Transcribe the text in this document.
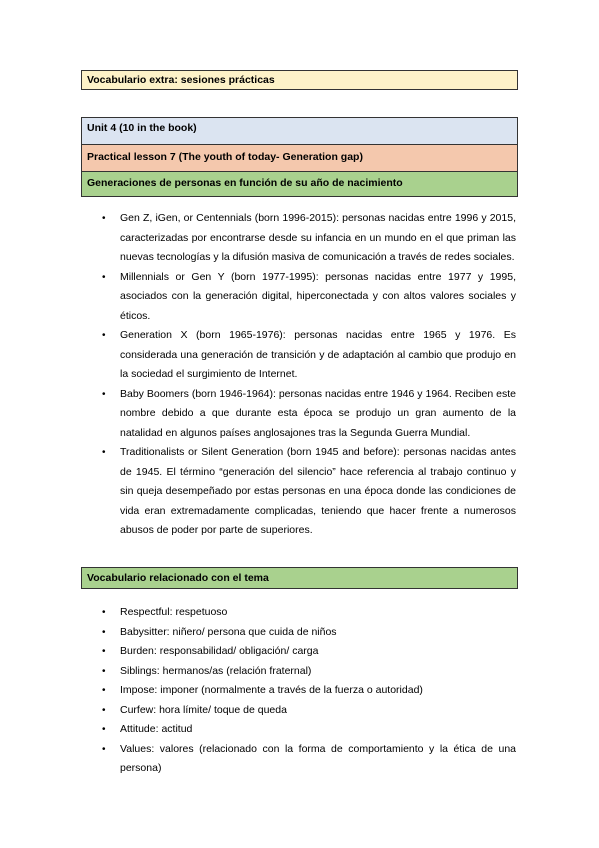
Vocabulario extra: sesiones prácticas
Unit 4 (10 in the book)
Practical lesson 7 (The youth of today- Generation gap)
Generaciones de personas en función de su año de nacimiento
• Gen Z, iGen, or Centennials (born 1996-2015): personas nacidas entre 1996 y 2015, caracterizadas por encontrarse desde su infancia en un mundo en el que priman las nuevas tecnologías y la difusión masiva de comunicación a través de redes sociales.
• Millennials or Gen Y (born 1977-1995): personas nacidas entre 1977 y 1995, asociados con la generación digital, hiperconectada y con altos valores sociales y éticos.
• Generation X (born 1965-1976): personas nacidas entre 1965 y 1976. Es considerada una generación de transición y de adaptación al cambio que produjo en la sociedad el surgimiento de Internet.
• Baby Boomers (born 1946-1964): personas nacidas entre 1946 y 1964. Reciben este nombre debido a que durante esta época se produjo un gran aumento de la natalidad en algunos países anglosajones tras la Segunda Guerra Mundial.
• Traditionalists or Silent Generation (born 1945 and before): personas nacidas antes de 1945. El término “generación del silencio” hace referencia al trabajo continuo y sin queja desempeñado por estas personas en una época donde las condiciones de vida eran extremadamente complicadas, teniendo que hacer frente a numerosos abusos de poder por parte de superiores.
Vocabulario relacionado con el tema
• Respectful: respetuoso
• Babysitter: niñero/ persona que cuida de niños
• Burden: responsabilidad/ obligación/ carga
• Siblings: hermanos/as (relación fraternal)
• Impose: imponer (normalmente a través de la fuerza o autoridad)
• Curfew: hora límite/ toque de queda
• Attitude: actitud
• Values: valores (relacionado con la forma de comportamiento y la ética de una persona)
